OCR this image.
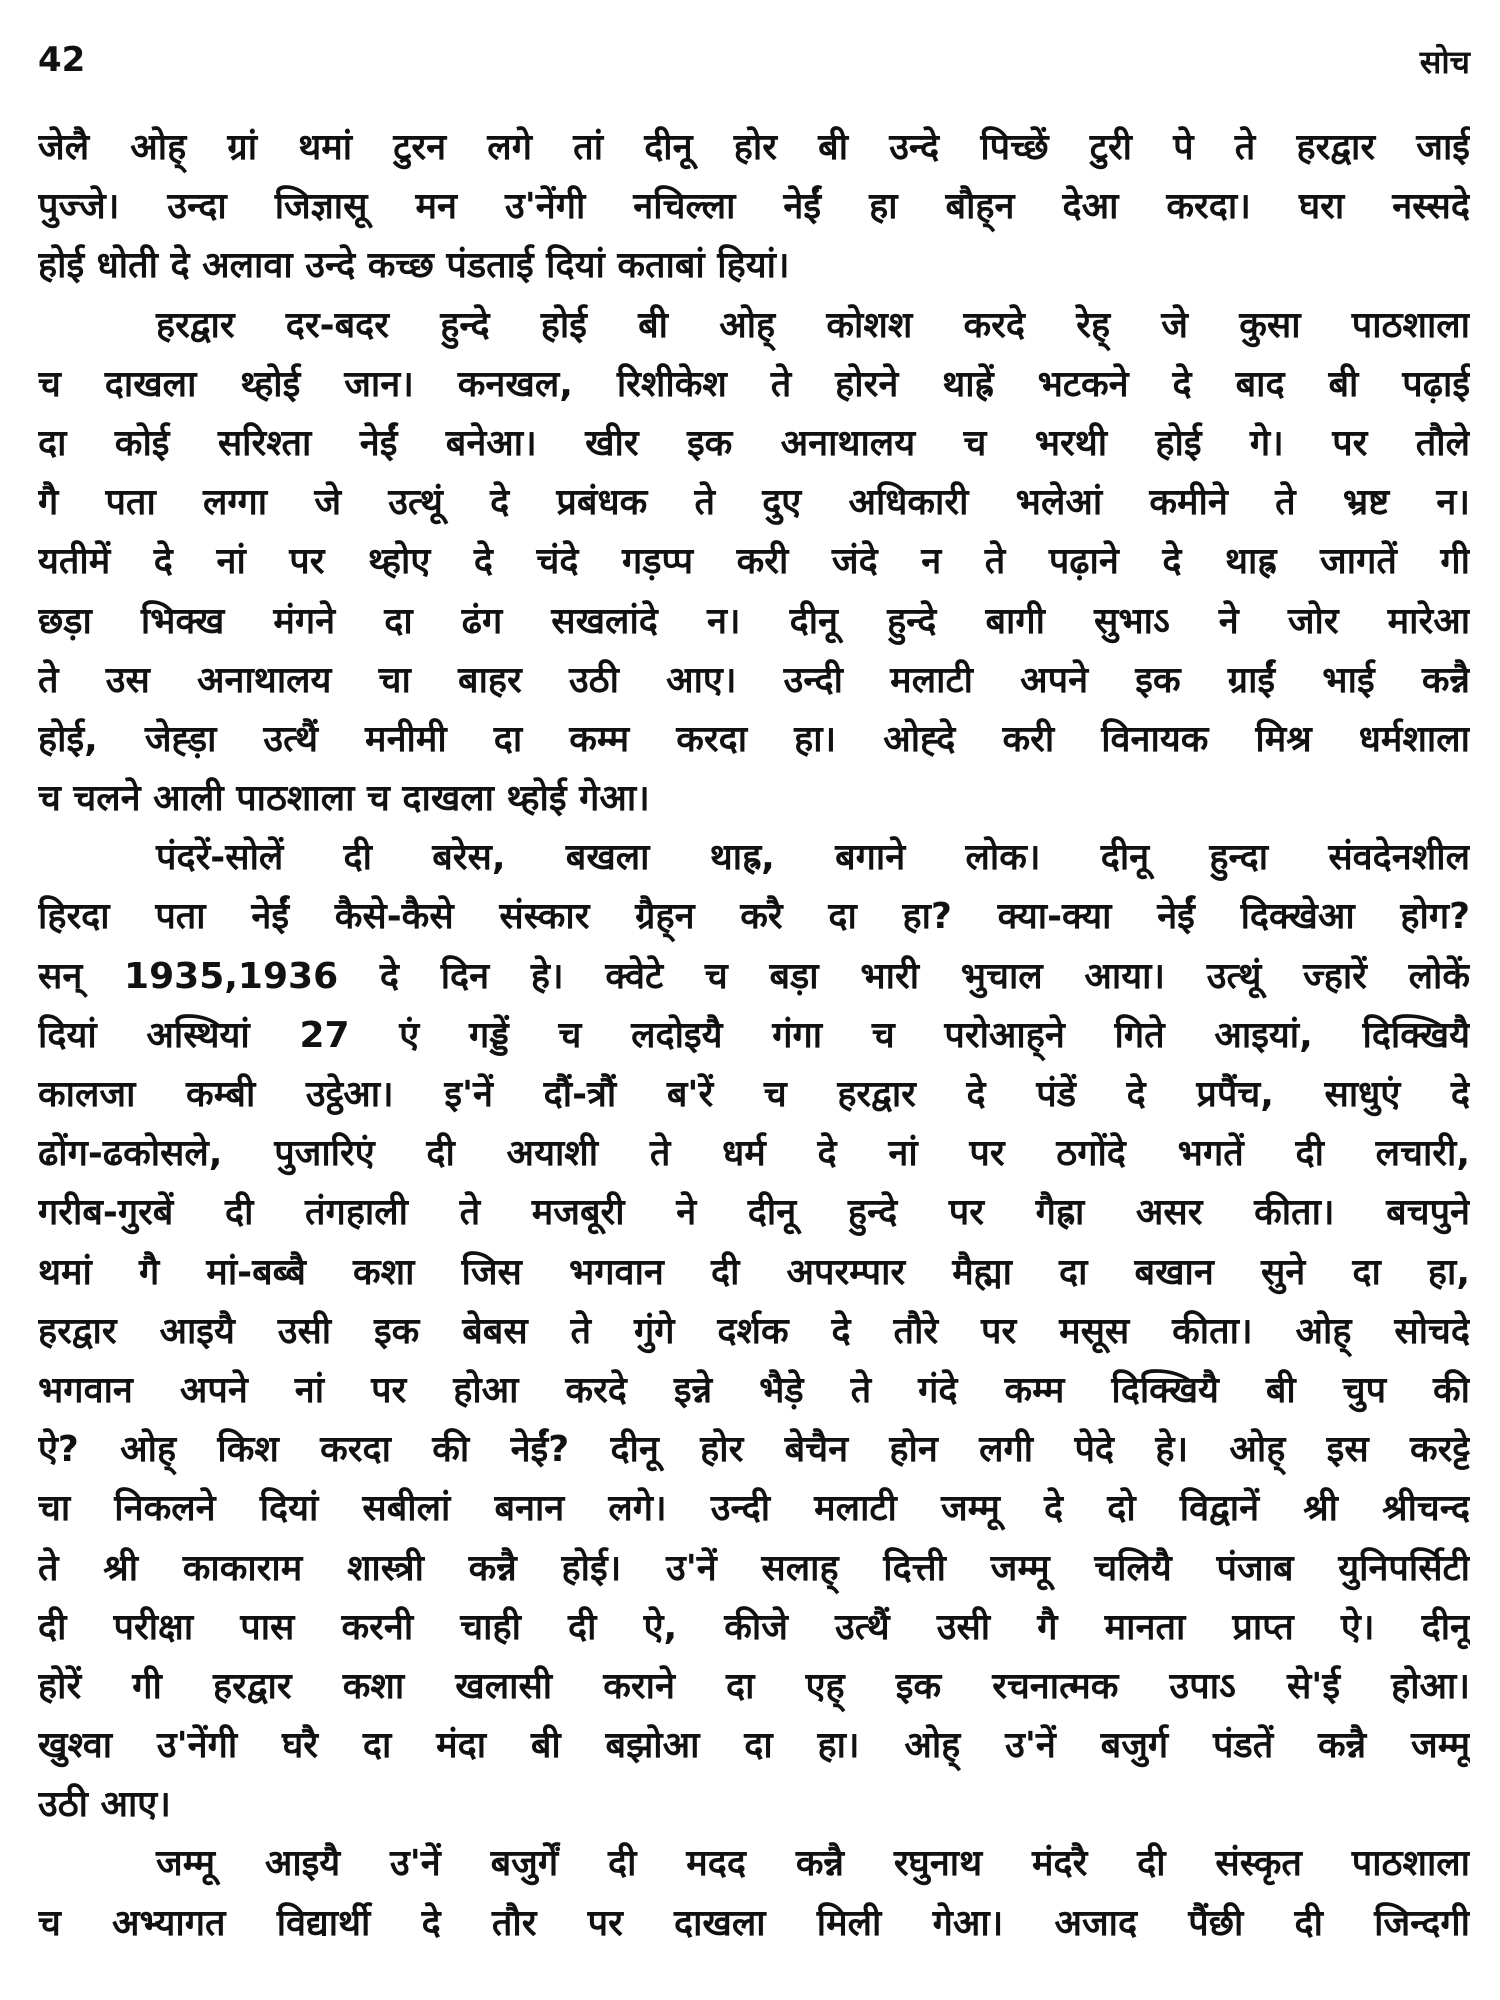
42	सोच
जेलै ओह् ग्रां थमां टुरन लगे तां दीनू होर बी उन्दे पिच्छें टुरी पे ते हरद्वार जाई
पुज्जे। उन्दा जिज्ञासू मन उ'नेंगी नचिल्ला नेईं हा बौह्‌न देआ करदा। घरा नस्सदे
होई धोती दे अलावा उन्दे कच्छ पंडताई दियां कताबां हियां।
हरद्वार दर-बदर हुन्दे होई बी ओह् कोशश करदे रेह् जे कुसा पाठशाला
च दाखला थ्होई जान। कनखल, रिशीकेश ते होरने थाह्रें भटकने दे बाद बी पढ़ाई
दा कोई सरिश्ता नेईं बनेआ। खीर इक अनाथालय च भरथी होई गे। पर तौले
गै पता लग्गा जे उत्थूं दे प्रबंधक ते दुए अधिकारी भलेआं कमीने ते भ्रष्ट न।
यतीमें दे नां पर थ्होए दे चंदे गड़प्प करी जंदे न ते पढ़ाने दे थाह्र जागतें गी
छड़ा भिक्ख मंगने दा ढंग सखलांदे न। दीनू हुन्दे बागी सुभाऽ ने जोर मारेआ
ते उस अनाथालय चा बाहर उठी आए। उन्दी मलाटी अपने इक ग्राईं भाई कन्नै
होई, जेह्ड़ा उत्थैं मनीमी दा कम्म करदा हा। ओह्दे करी विनायक मिश्र धर्मशाला
च चलने आली पाठशाला च दाखला थ्होई गेआ।
पंदरें-सोलें दी बरेस, बखला थाह्र, बगाने लोक। दीनू हुन्दा संवदेनशील
हिरदा पता नेईं कैसे-कैसे संस्कार ग्रैह्‌न करै दा हा? क्या-क्या नेईं दिक्खेआ होग?
सन् 1935,1936 दे दिन हे। क्वेटे च बड़ा भारी भुचाल आया। उत्थूं ज्हारें लोकें
दियां अस्थियां 27 एं गड्डें च लदोइयै गंगा च परोआह्‌ने गिते आइयां, दिक्खियै
कालजा कम्बी उट्ठेआ। इ'नें दौं-त्रौं ब'रें च हरद्वार दे पंडें दे प्रपैंच, साधुएं दे
ढोंग-ढकोसले, पुजारिएं दी अयाशी ते धर्म दे नां पर ठगोंदे भगतें दी लचारी,
गरीब-गुरबें दी तंगहाली ते मजबूरी ने दीनू हुन्दे पर गैह्रा असर कीता। बचपुने
थमां गै मां-बब्बै कशा जिस भगवान दी अपरम्पार मैह्मा दा बखान सुने दा हा,
हरद्वार आइयै उसी इक बेबस ते गुंगे दर्शक दे तौरे पर मसूस कीता। ओह् सोचदे
भगवान अपने नां पर होआ करदे इन्ने भैड़े ते गंदे कम्म दिक्खियै बी चुप की
ऐ? ओह् किश करदा की नेईं? दीनू होर बेचैन होन लगी पेदे हे। ओह् इस करट्टे
चा निकलने दियां सबीलां बनान लगे। उन्दी मलाटी जम्मू दे दो विद्वानें श्री श्रीचन्द
ते श्री काकाराम शास्त्री कन्नै होई। उ'नें सलाह् दित्ती जम्मू चलियै पंजाब युनिपर्सिटी
दी परीक्षा पास करनी चाही दी ऐ, कीजे उत्थैं उसी गै मानता प्राप्त ऐ। दीनू
होरें गी हरद्वार कशा खलासी कराने दा एह् इक रचनात्मक उपाऽ से'ई होआ।
खुश्वा उ'नेंगी घरै दा मंदा बी बझोआ दा हा। ओह् उ'नें बजुर्ग पंडतें कन्नै जम्मू
उठी आए।
जम्मू आइयै उ'नें बजुर्गें दी मदद कन्नै रघुनाथ मंदरै दी संस्कृत पाठशाला
च अभ्यागत विद्यार्थी दे तौर पर दाखला मिली गेआ। अजाद पैंछी दी जिन्दगी
